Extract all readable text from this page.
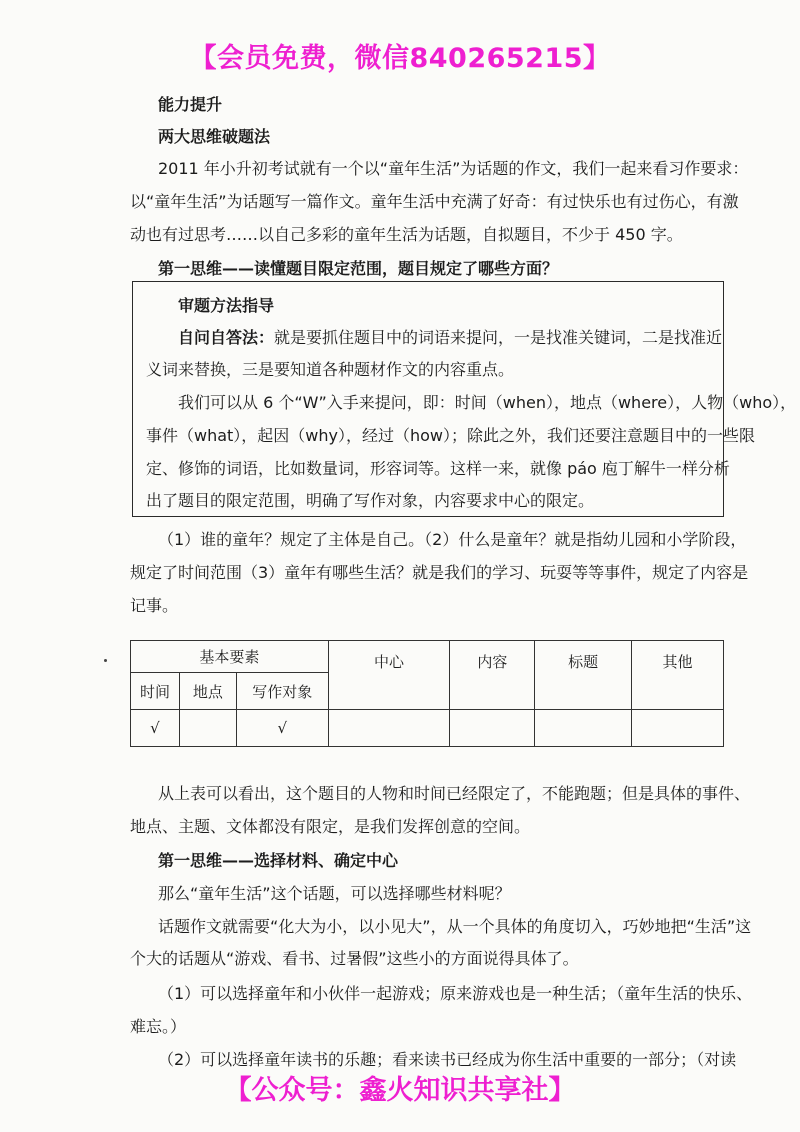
【会员免费，微信840265215】
能力提升
两大思维破题法
2011 年小升初考试就有一个以“童年生活”为话题的作文，我们一起来看习作要求：
以“童年生活”为话题写一篇作文。童年生活中充满了好奇：有过快乐也有过伤心，有激
动也有过思考……以自己多彩的童年生活为话题，自拟题目，不少于 450 字。
第一思维——读懂题目限定范围，题目规定了哪些方面？
审题方法指导
自问自答法：就是要抓住题目中的词语来提问，一是找准关键词，二是找准近
义词来替换，三是要知道各种题材作文的内容重点。
我们可以从 6 个“W”入手来提问，即：时间（when），地点（where），人物（who），
事件（what），起因（why），经过（how）；除此之外，我们还要注意题目中的一些限
定、修饰的词语，比如数量词，形容词等。这样一来，就像 páo 庖丁解牛一样分析
出了题目的限定范围，明确了写作对象，内容要求中心的限定。
（1）谁的童年？规定了主体是自己。（2）什么是童年？就是指幼儿园和小学阶段，
规定了时间范围（3）童年有哪些生活？就是我们的学习、玩耍等等事件，规定了内容是
记事。
基本要素			中心	内容	标题	其他
时间	地点	写作对象				
√		√				
从上表可以看出，这个题目的人物和时间已经限定了，不能跑题；但是具体的事件、
地点、主题、文体都没有限定，是我们发挥创意的空间。
第一思维——选择材料、确定中心
那么“童年生活”这个话题，可以选择哪些材料呢？
话题作文就需要“化大为小，以小见大”，从一个具体的角度切入，巧妙地把“生活”这
个大的话题从“游戏、看书、过暑假”这些小的方面说得具体了。
（1）可以选择童年和小伙伴一起游戏；原来游戏也是一种生活；（童年生活的快乐、
难忘。）
（2）可以选择童年读书的乐趣；看来读书已经成为你生活中重要的一部分；（对读
【公众号：鑫火知识共享社】
